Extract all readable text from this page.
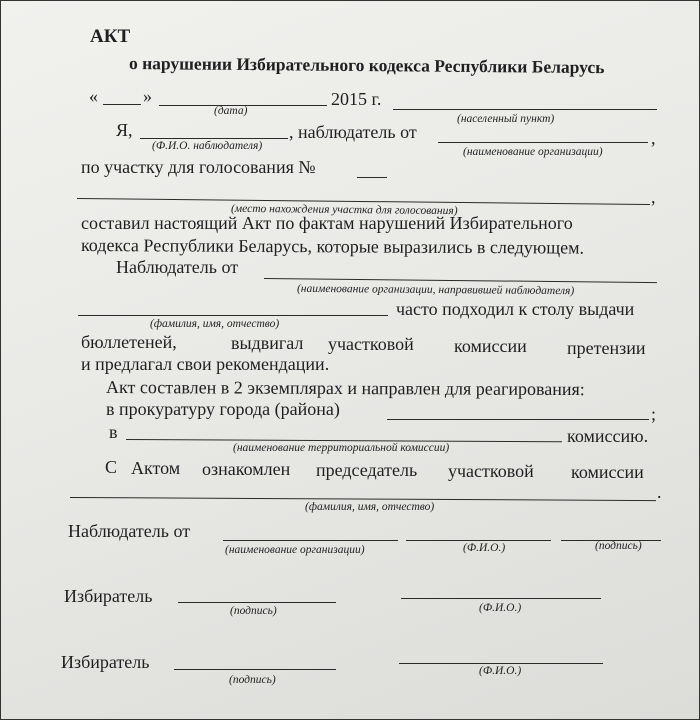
АКТ
о нарушении Избирательного кодекса Республики Беларусь
«	»	2015 г.
(дата)
(населенный пункт)
Я,	, наблюдатель от	,
(Ф.И.О. наблюдателя)	(наименование организации)
по участку для голосования №
,
(место нахождения участка для голосования)
составил настоящий Акт по фактам нарушений Избирательного
кодекса Республики Беларусь, которые выразились в следующем.
Наблюдатель от
(наименование организации, направившей наблюдателя)
часто подходил к столу выдачи
(фамилия, имя, отчество)
бюллетеней,	выдвигал участковой комиссии претензии
и предлагал свои рекомендации.
Акт составлен в 2 экземплярах и направлен для реагирования:
в прокуратуру города (района)	;
в	комиссию.
(наименование территориальной комиссии)
С Актом ознакомлен председатель участковой комиссии
.
(фамилия, имя, отчество)
Наблюдатель от
(наименование организации)	(Ф.И.О.)	(подпись)
Избиратель
(подпись)	(Ф.И.О.)
Избиратель
(подпись)
(Ф.И.О.)
